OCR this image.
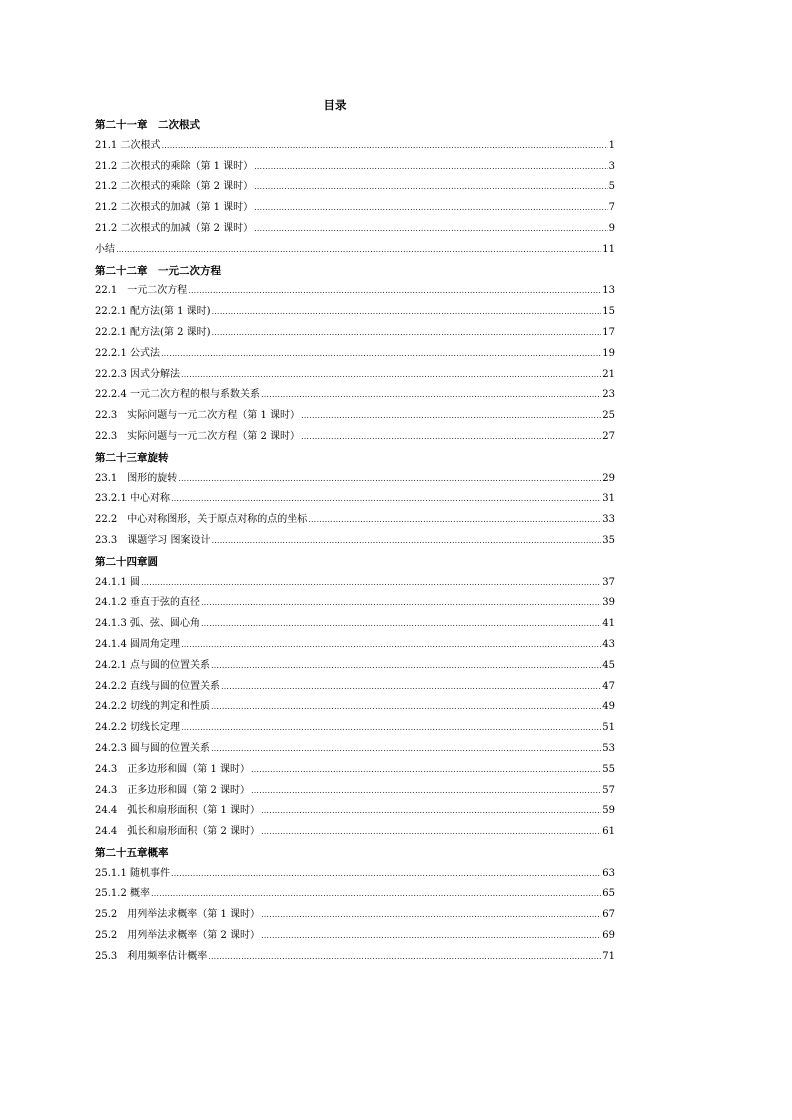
目录
第二十一章　二次根式
21.1 二次根式 …………………………………………………………………………………………………………………………………………………………………………………………………………………………………………………………………………………………………………………………	1
21.2 二次根式的乘除（第 1 课时） …………………………………………………………………………………………………………………………………………………………………………………………………………………………………………………………………………………………………………………………	3
21.2 二次根式的乘除（第 2 课时） …………………………………………………………………………………………………………………………………………………………………………………………………………………………………………………………………………………………………………………………	5
21.2 二次根式的加减（第 1 课时） …………………………………………………………………………………………………………………………………………………………………………………………………………………………………………………………………………………………………………………………	7
21.2 二次根式的加减（第 2 课时） …………………………………………………………………………………………………………………………………………………………………………………………………………………………………………………………………………………………………………………………	9
小结 …………………………………………………………………………………………………………………………………………………………………………………………………………………………………………………………………………………………………………………………	11
第二十二章　一元二次方程
22.1　一元二次方程 …………………………………………………………………………………………………………………………………………………………………………………………………………………………………………………………………………………………………………………………	13
22.2.1 配方法(第 1 课时) …………………………………………………………………………………………………………………………………………………………………………………………………………………………………………………………………………………………………………………………	15
22.2.1 配方法(第 2 课时) …………………………………………………………………………………………………………………………………………………………………………………………………………………………………………………………………………………………………………………………	17
22.2.1 公式法 …………………………………………………………………………………………………………………………………………………………………………………………………………………………………………………………………………………………………………………………	19
22.2.3 因式分解法 …………………………………………………………………………………………………………………………………………………………………………………………………………………………………………………………………………………………………………………………	21
22.2.4 一元二次方程的根与系数关系 …………………………………………………………………………………………………………………………………………………………………………………………………………………………………………………………………………………………………………………………	23
22.3　实际问题与一元二次方程（第 1 课时） …………………………………………………………………………………………………………………………………………………………………………………………………………………………………………………………………………………………………………………………	25
22.3　实际问题与一元二次方程（第 2 课时） …………………………………………………………………………………………………………………………………………………………………………………………………………………………………………………………………………………………………………………………	27
第二十三章旋转
23.1　图形的旋转 …………………………………………………………………………………………………………………………………………………………………………………………………………………………………………………………………………………………………………………………	29
23.2.1 中心对称 …………………………………………………………………………………………………………………………………………………………………………………………………………………………………………………………………………………………………………………………	31
22.2　中心对称图形，关于原点对称的点的坐标 …………………………………………………………………………………………………………………………………………………………………………………………………………………………………………………………………………………………………………………………	33
23.3　课题学习 图案设计 …………………………………………………………………………………………………………………………………………………………………………………………………………………………………………………………………………………………………………………………	35
第二十四章圆
24.1.1 圆 …………………………………………………………………………………………………………………………………………………………………………………………………………………………………………………………………………………………………………………………	37
24.1.2 垂直于弦的直径 …………………………………………………………………………………………………………………………………………………………………………………………………………………………………………………………………………………………………………………………	39
24.1.3 弧、弦、圆心角 …………………………………………………………………………………………………………………………………………………………………………………………………………………………………………………………………………………………………………………………	41
24.1.4 圆周角定理 …………………………………………………………………………………………………………………………………………………………………………………………………………………………………………………………………………………………………………………………	43
24.2.1 点与圆的位置关系 …………………………………………………………………………………………………………………………………………………………………………………………………………………………………………………………………………………………………………………………	45
24.2.2 直线与圆的位置关系 …………………………………………………………………………………………………………………………………………………………………………………………………………………………………………………………………………………………………………………………	47
24.2.2 切线的判定和性质 …………………………………………………………………………………………………………………………………………………………………………………………………………………………………………………………………………………………………………………………	49
24.2.2 切线长定理 …………………………………………………………………………………………………………………………………………………………………………………………………………………………………………………………………………………………………………………………	51
24.2.3 圆与圆的位置关系 …………………………………………………………………………………………………………………………………………………………………………………………………………………………………………………………………………………………………………………………	53
24.3　正多边形和圆（第 1 课时） …………………………………………………………………………………………………………………………………………………………………………………………………………………………………………………………………………………………………………………………	55
24.3　正多边形和圆（第 2 课时） …………………………………………………………………………………………………………………………………………………………………………………………………………………………………………………………………………………………………………………………	57
24.4　弧长和扇形面积（第 1 课时） …………………………………………………………………………………………………………………………………………………………………………………………………………………………………………………………………………………………………………………………	59
24.4　弧长和扇形面积（第 2 课时） …………………………………………………………………………………………………………………………………………………………………………………………………………………………………………………………………………………………………………………………	61
第二十五章概率
25.1.1 随机事件 …………………………………………………………………………………………………………………………………………………………………………………………………………………………………………………………………………………………………………………………	63
25.1.2 概率 …………………………………………………………………………………………………………………………………………………………………………………………………………………………………………………………………………………………………………………………	65
25.2　用列举法求概率（第 1 课时） …………………………………………………………………………………………………………………………………………………………………………………………………………………………………………………………………………………………………………………………	67
25.2　用列举法求概率（第 2 课时） …………………………………………………………………………………………………………………………………………………………………………………………………………………………………………………………………………………………………………………………	69
25.3　利用频率估计概率 …………………………………………………………………………………………………………………………………………………………………………………………………………………………………………………………………………………………………………………………	71
